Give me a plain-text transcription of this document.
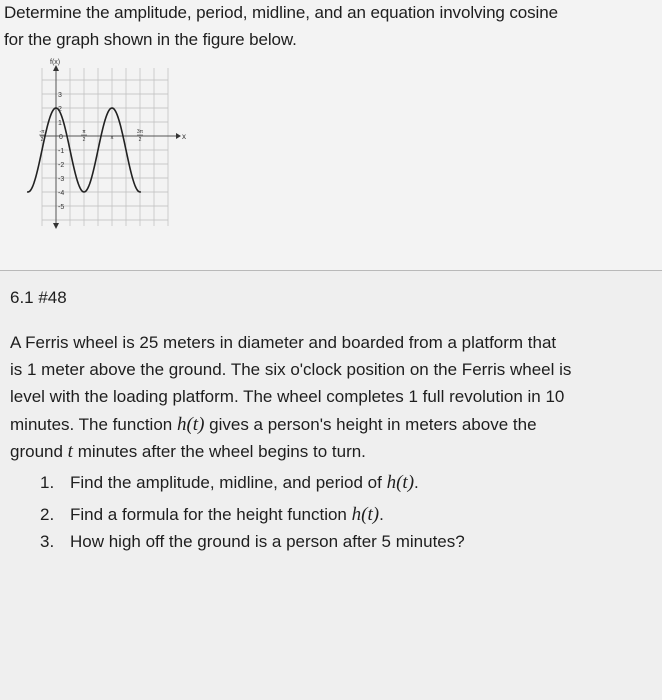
Determine the amplitude, period, midline, and an equation involving cosine
for the graph shown in the figure below.
f(x)
x
3
2
1
0
-1
-2
-3
-4
-5
-π
2
π
2	π
3π
2
6.1 #48
A Ferris wheel is 25 meters in diameter and boarded from a platform that
is 1 meter above the ground. The six o'clock position on the Ferris wheel is
level with the loading platform. The wheel completes 1 full revolution in 10
minutes. The function h(t) gives a person's height in meters above the
ground t minutes after the wheel begins to turn.
1. Find the amplitude, midline, and period of h(t).
2. Find a formula for the height function h(t).
3. How high off the ground is a person after 5 minutes?
